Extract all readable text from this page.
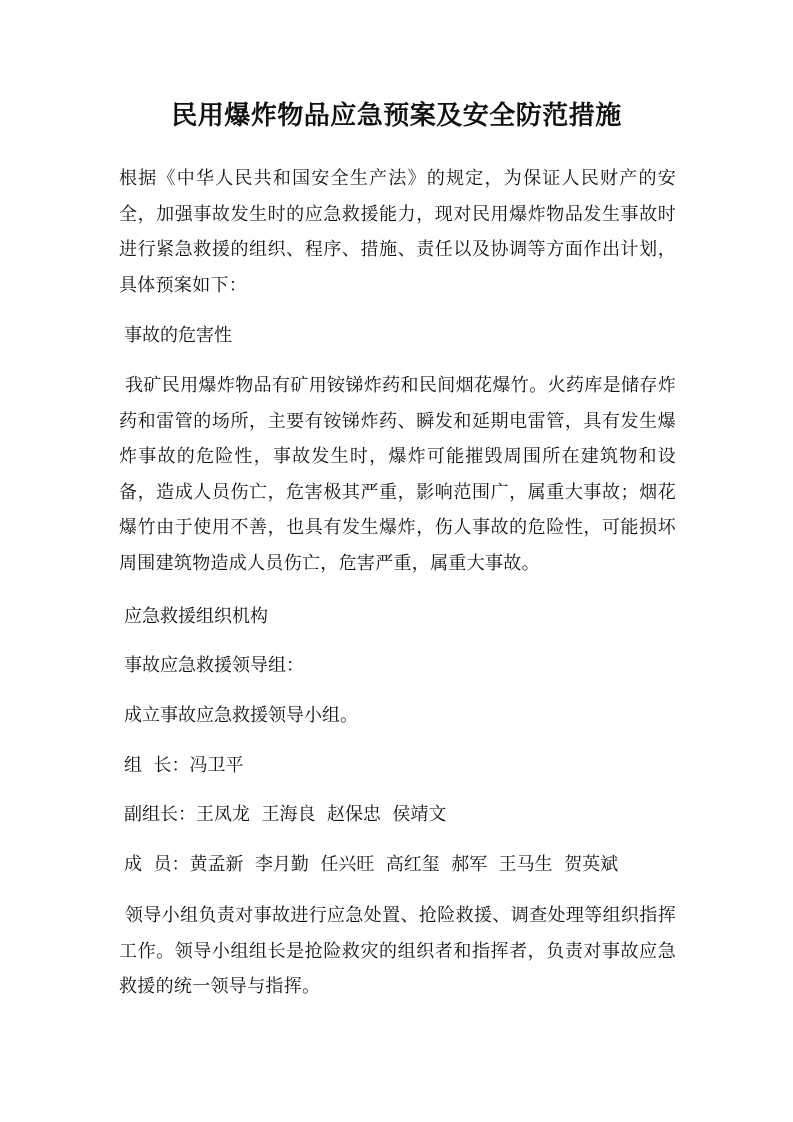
民用爆炸物品应急预案及安全防范措施
根据《中华人民共和国安全生产法》的规定，为保证人民财产的安全，加强事故发生时的应急救援能力，现对民用爆炸物品发生事故时进行紧急救援的组织、程序、措施、责任以及协调等方面作出计划，具体预案如下：
事故的危害性
我矿民用爆炸物品有矿用铵锑炸药和民间烟花爆竹。火药库是储存炸药和雷管的场所，主要有铵锑炸药、瞬发和延期电雷管，具有发生爆炸事故的危险性，事故发生时，爆炸可能摧毁周围所在建筑物和设备，造成人员伤亡，危害极其严重，影响范围广，属重大事故；烟花爆竹由于使用不善，也具有发生爆炸，伤人事故的危险性，可能损坏周围建筑物造成人员伤亡，危害严重，属重大事故。
应急救援组织机构
事故应急救援领导组：
成立事故应急救援领导小组。
组  长：冯卫平
副组长：王凤龙  王海良  赵保忠  侯靖文
成  员：黄孟新  李月勤  任兴旺  高红玺  郝军  王马生  贺英斌
领导小组负责对事故进行应急处置、抢险救援、调查处理等组织指挥工作。领导小组组长是抢险救灾的组织者和指挥者，负责对事故应急救援的统一领导与指挥。
